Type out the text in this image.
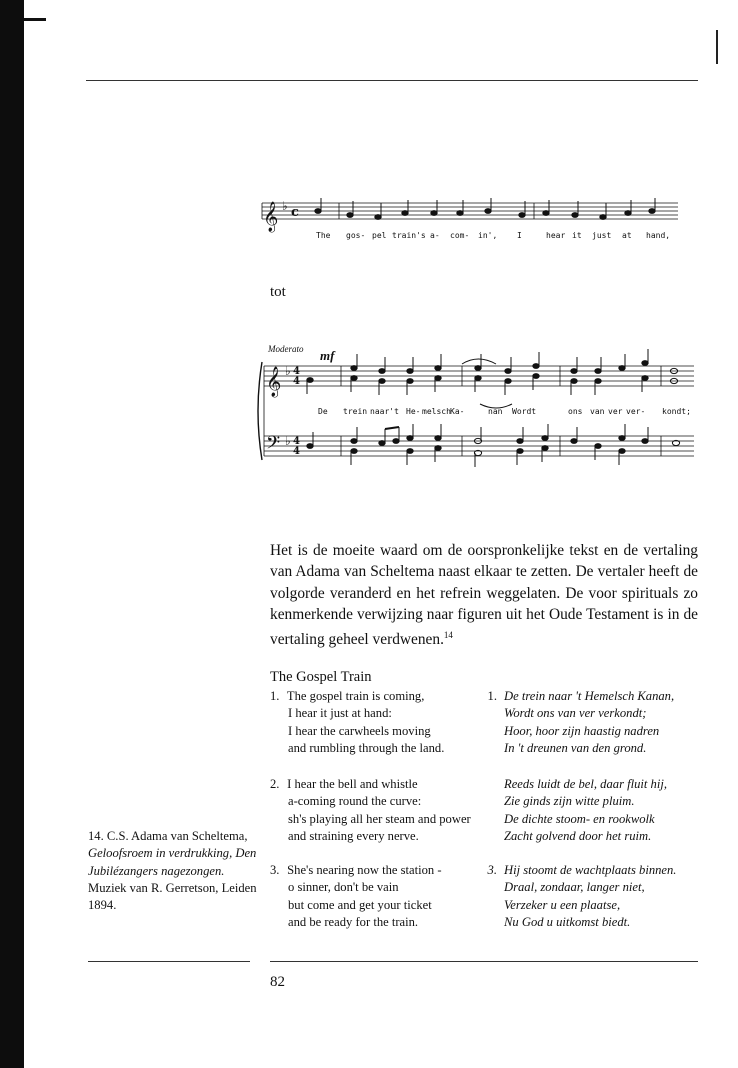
𝄞 ♭ c
The gos- pel train's a- com- in', I	hear it just at hand,
Moderato mf
𝄞 ♭ 4
4
𝄢 ♭ 4
4
De trein naar't He- melsch Ka-	nan Wordt	ons van ver ver- kondt;
tot
Het is de moeite waard om de oorspronkelijke tekst en de vertaling van Adama van Scheltema naast elkaar te zetten. De vertaler heeft de volgorde veranderd en het refrein weggelaten. De voor spirituals zo kenmerkende verwijzing naar figuren uit het Oude Testament is in de vertaling geheel verdwenen.$^{14}$
The Gospel Train
1. The gospel train is coming,
I hear it just at hand:
I hear the carwheels moving
and rumbling through the land.
2. I hear the bell and whistle
a-coming round the curve:
sh's playing all her steam and power
and straining every nerve.
3. She's nearing now the station -
o sinner, don't be vain
but come and get your ticket
and be ready for the train.
1. De trein naar 't Hemelsch Kanan,
Wordt ons van ver verkondt;
Hoor, hoor zijn haastig nadren
In 't dreunen van den grond.
Reeds luidt de bel, daar fluit hij,
Zie ginds zijn witte pluim.
De dichte stoom- en rookwolk
Zacht golvend door het ruim.
3. Hij stoomt de wachtplaats binnen.
Draal, zondaar, langer niet,
Verzeker u een plaatse,
Nu God u uitkomst biedt.
14. C.S. Adama van Scheltema, Geloofsroem in verdrukking, Den Jubilézangers nagezongen. Muziek van R. Gerretson, Leiden 1894.
82
